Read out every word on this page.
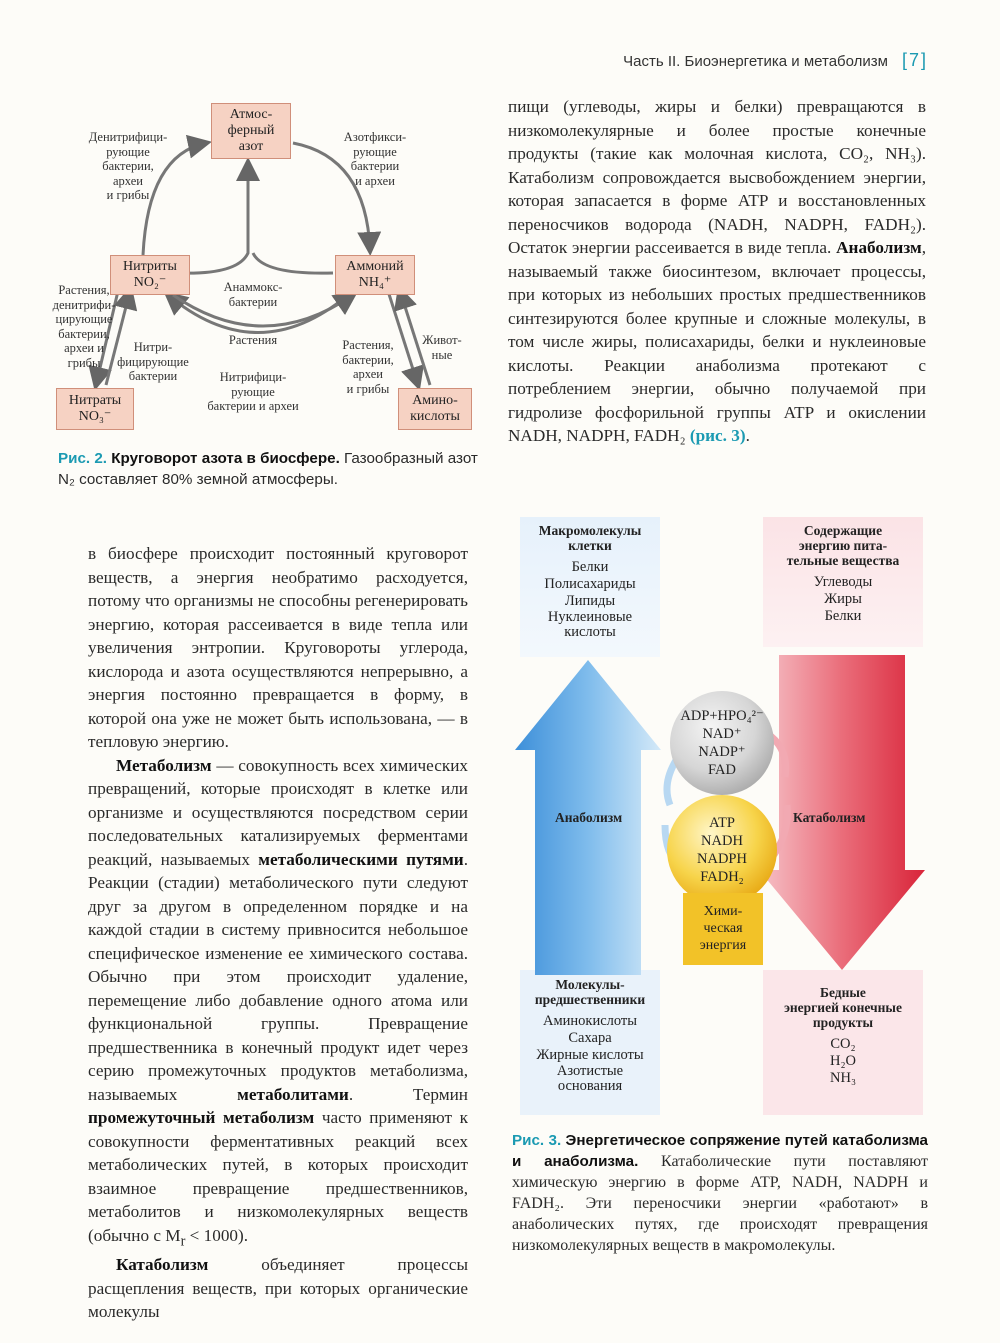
Часть II. Биоэнергетика и метаболизм [7]
Атмос-
ферный
азот
Нитриты
NO₂⁻
Аммоний
NH₄⁺
Нитраты
NO₃⁻
Амино-
кислоты
Денитрифици-
рующие
бактерии,
археи
и грибы
Азотфикси-
рующие
бактерии
и археи
Анаммокс-
бактерии
Растения,
денитрифи-
цирующие
бактерии,
археи и
грибы
Нитри-
фицирующие
бактерии
Растения
Нитрифици-
рующие
бактерии и археи
Растения,
бактерии,
археи
и грибы
Живот-
ные
Рис. 2. Круговорот азота в биосфере. Газообразный азот
N₂ составляет 80% земной атмосферы.

пищи (углеводы, жиры и белки) превращаются в низкомолекулярные и более простые конечные продукты (такие как молочная кислота, CO₂, NH₃). Катаболизм сопровождается высвобождением энергии, которая запасается в форме ATP и восстановленных переносчиков водорода (NADH, NADPH, FADH₂). Остаток энергии рассеивается в виде тепла. Анаболизм, называемый также биосинтезом, включает процессы, при которых из небольших простых предшественников синтезируются более крупные и сложные молекулы, в том числе жиры, полисахариды, белки и нуклеиновые кислоты. Реакции анаболизма протекают с потреблением энергии, обычно получаемой при гидролизе фосфорильной группы ATP и окислении NADH, NADPH, FADH₂ (рис. 3).

в биосфере происходит постоянный круговорот веществ, а энергия необратимо расходуется, потому что организмы не способны регенерировать энергию, которая рассеивается в виде тепла или увеличения энтропии. Круговороты углерода, кислорода и азота осуществляются непрерывно, а энергия постоянно превращается в форму, в которой она уже не может быть использована, — в тепловую энергию.

Метаболизм — совокупность всех химических превращений, которые происходят в клетке или организме и осуществляются посредством серии последовательных катализируемых ферментами реакций, называемых метаболическими путями. Реакции (стадии) метаболического пути следуют друг за другом в определенном порядке и на каждой стадии в систему привносится небольшое специфическое изменение ее химического состава. Обычно при этом происходит удаление, перемещение либо добавление одного атома или функциональной группы. Превращение предшественника в конечный продукт идет через серию промежуточных продуктов метаболизма, называемых метаболитами. Термин промежуточный метаболизм часто применяют к совокупности ферментативных реакций всех метаболических путей, в которых происходит взаимное превращение предшественников, метаболитов и низкомолекулярных веществ (обычно с $M_r < 1000$).

Катаболизм объединяет процессы расщепления веществ, при которых органические молекулы

Макромолекулы
клетки
Белки
Полисахариды
Липиды
Нуклеиновые кислоты
Содержащие
энергию пита-
тельные вещества
Углеводы
Жиры
Белки
Молекулы-
предшественники
Аминокислоты
Сахара
Жирные кислоты
Азотистые основания
Бедные
энергией конечные
продукты
CO₂
H₂O
NH₃
Анаболизм	Катаболизм
ADP+HPO₄²⁻
NAD⁺
NADP⁺
FAD
ATP
NADH
NADPH
FADH₂
Хими-
ческая
энергия
Рис. 3. Энергетическое сопряжение путей катаболизма и анаболизма. Катаболические пути поставляют химическую энергию в форме ATP, NADH, NADPH и FADH₂. Эти переносчики энергии «работают» в анаболических путях, где происходят превращения низкомолекулярных веществ в макромолекулы.
